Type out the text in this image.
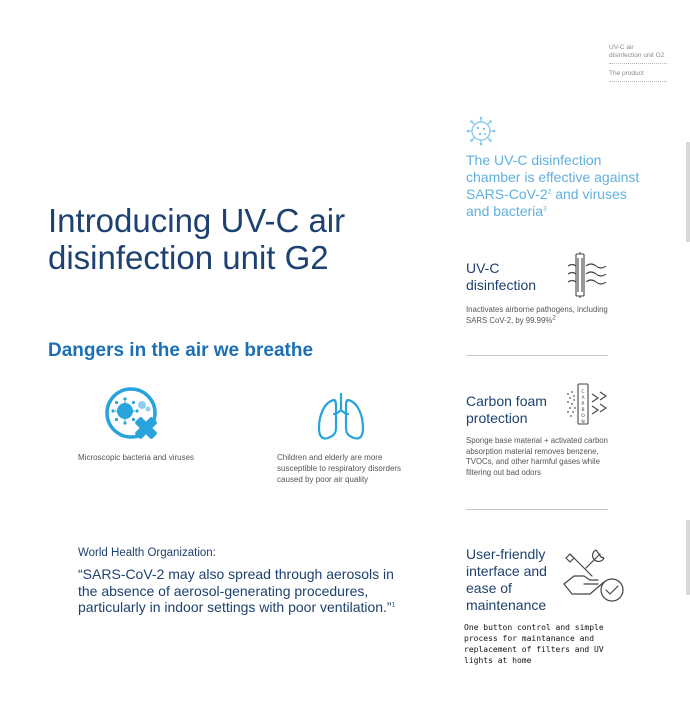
UV-C air disinfection unit G2
The product
Introducing UV-C air disinfection unit G2
Dangers in the air we breathe
Microscopic bacteria and viruses	Children and elderly are more susceptible to respiratory disorders caused by poor air quality
World Health Organization:
“SARS-CoV-2 may also spread through aerosols in the absence of aerosol-generating procedures, particularly in indoor settings with poor ventilation.”$^1$
The UV-C disinfection chamber is effective against SARS-$CoV-2^2$ and viruses and bacteria$^3$
UV-C disinfection
Inactivates airborne pathogens, including SARS CoV-2, by 99.99%$^2$
Carbon foam protection
C
A
R
B
O
N
Sponge base material + activated carbon absorption material removes benzene, TVOCs, and other harmful gases while filtering out bad odors
User-friendly interface and ease of maintenance
One button control and simple process for maintanance and replacement of filters and UV lights at home
